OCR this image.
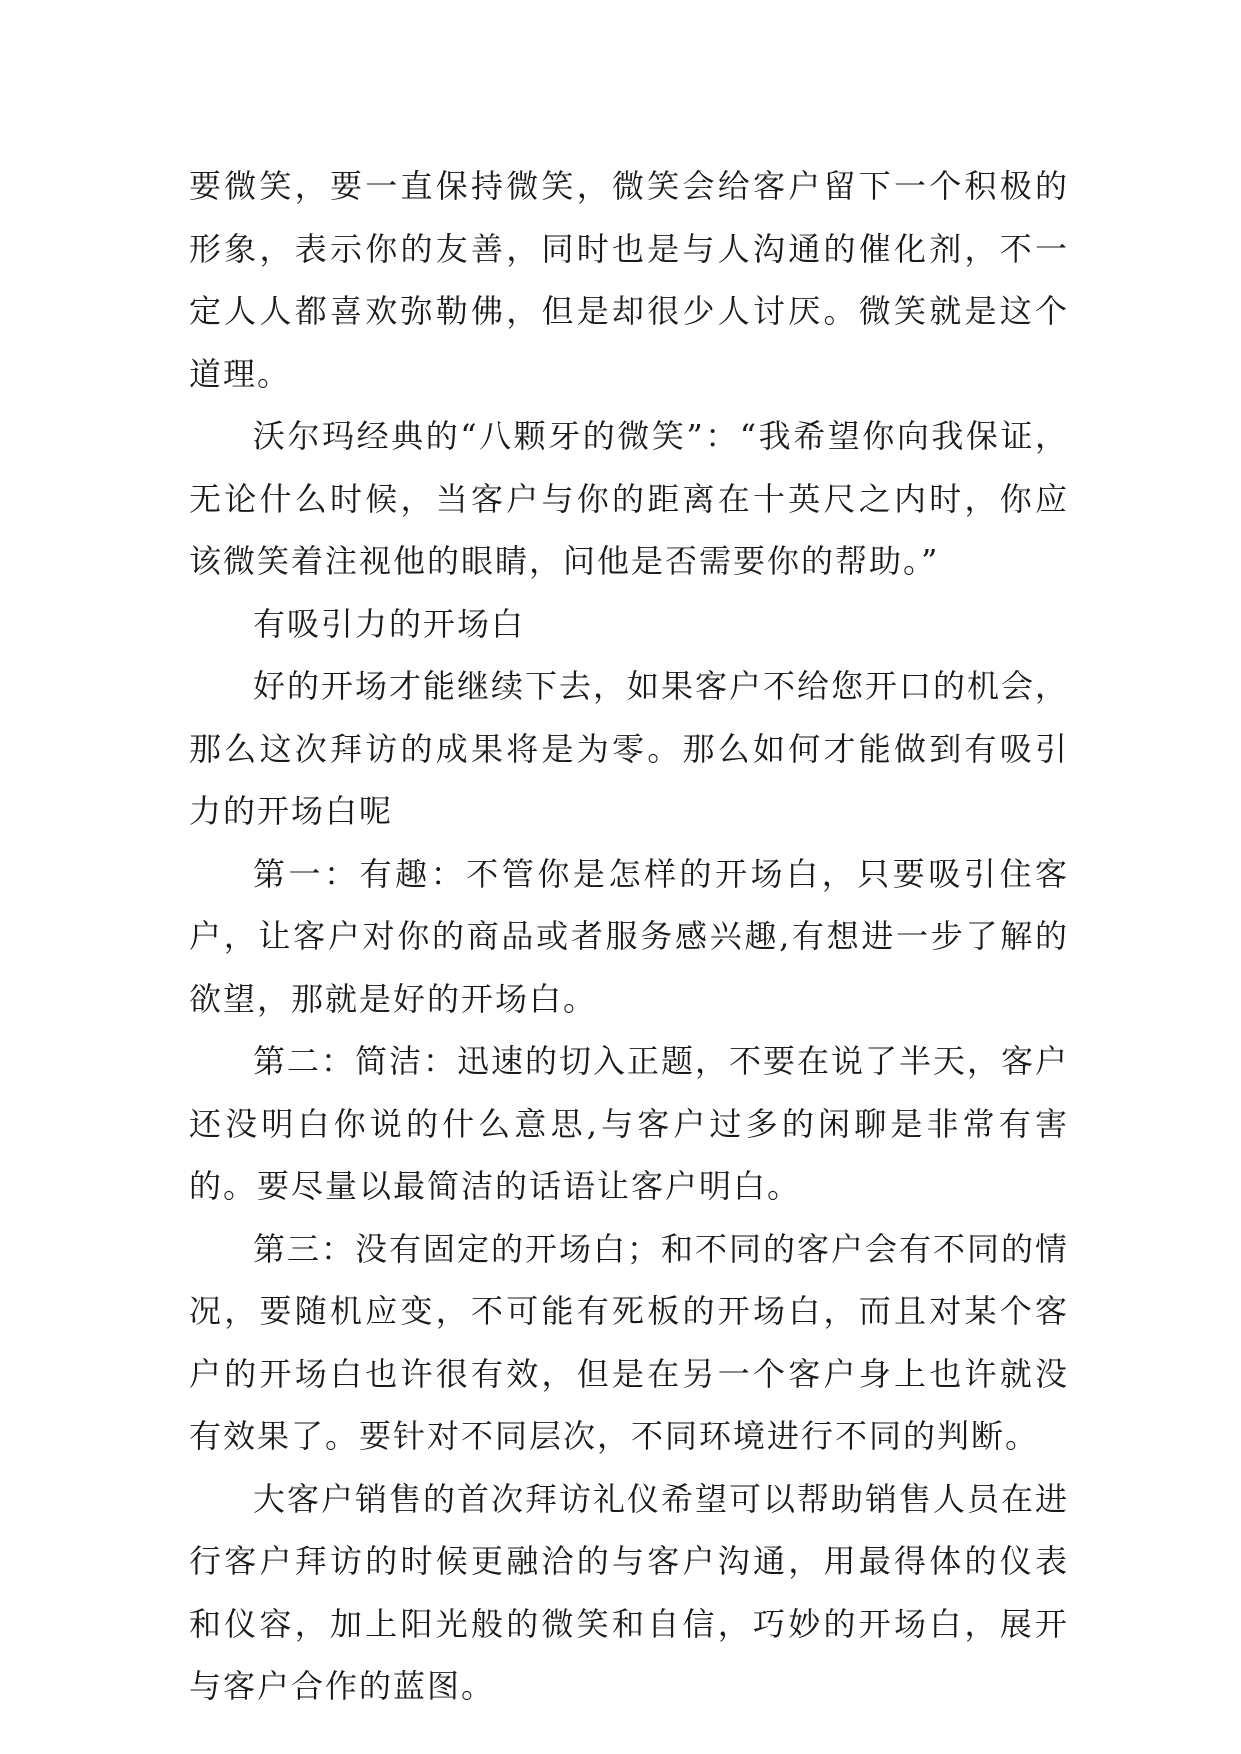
要微笑，要一直保持微笑，微笑会给客户留下一个积极的形象，表示你的友善，同时也是与人沟通的催化剂，不一定人人都喜欢弥勒佛，但是却很少人讨厌。微笑就是这个道理。

沃尔玛经典的“八颗牙的微笑”：“我希望你向我保证，无论什么时候，当客户与你的距离在十英尺之内时，你应该微笑着注视他的眼睛，问他是否需要你的帮助。”

有吸引力的开场白

好的开场才能继续下去，如果客户不给您开口的机会，那么这次拜访的成果将是为零。那么如何才能做到有吸引力的开场白呢

第一：有趣：不管你是怎样的开场白，只要吸引住客户，让客户对你的商品或者服务感兴趣,有想进一步了解的欲望，那就是好的开场白。

第二：简洁：迅速的切入正题，不要在说了半天，客户还没明白你说的什么意思,与客户过多的闲聊是非常有害的。要尽量以最简洁的话语让客户明白。

第三：没有固定的开场白；和不同的客户会有不同的情况，要随机应变，不可能有死板的开场白，而且对某个客户的开场白也许很有效，但是在另一个客户身上也许就没有效果了。要针对不同层次，不同环境进行不同的判断。

大客户销售的首次拜访礼仪希望可以帮助销售人员在进行客户拜访的时候更融洽的与客户沟通，用最得体的仪表和仪容，加上阳光般的微笑和自信，巧妙的开场白，展开与客户合作的蓝图。
